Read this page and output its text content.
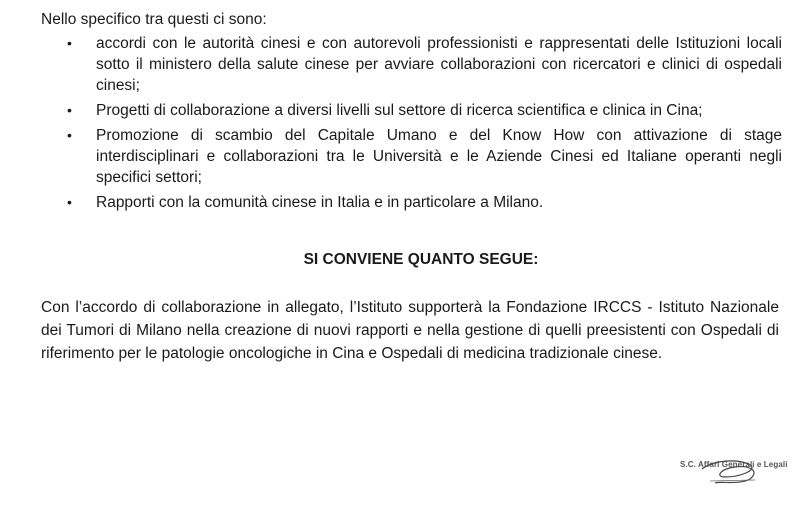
Nello specifico tra questi ci sono:

• accordi con le autorità cinesi e con autorevoli professionisti e rappresentati delle Istituzioni locali sotto il ministero della salute cinese per avviare collaborazioni con ricercatori e clinici di ospedali cinesi;
• Progetti di collaborazione a diversi livelli sul settore di ricerca scientifica e clinica in Cina;
• Promozione di scambio del Capitale Umano e del Know How con attivazione di stage interdisciplinari e collaborazioni tra le Università e le Aziende Cinesi ed Italiane operanti negli specifici settori;
• Rapporti con la comunità cinese in Italia e in particolare a Milano.

SI CONVIENE QUANTO SEGUE:

Con l’accordo di collaborazione in allegato, l’Istituto supporterà la Fondazione IRCCS - Istituto Nazionale dei Tumori di Milano nella creazione di nuovi rapporti e nella gestione di quelli preesistenti con Ospedali di riferimento per le patologie oncologiche in Cina e Ospedali di medicina tradizionale cinese.

S.C. Affari Generali e Legali
